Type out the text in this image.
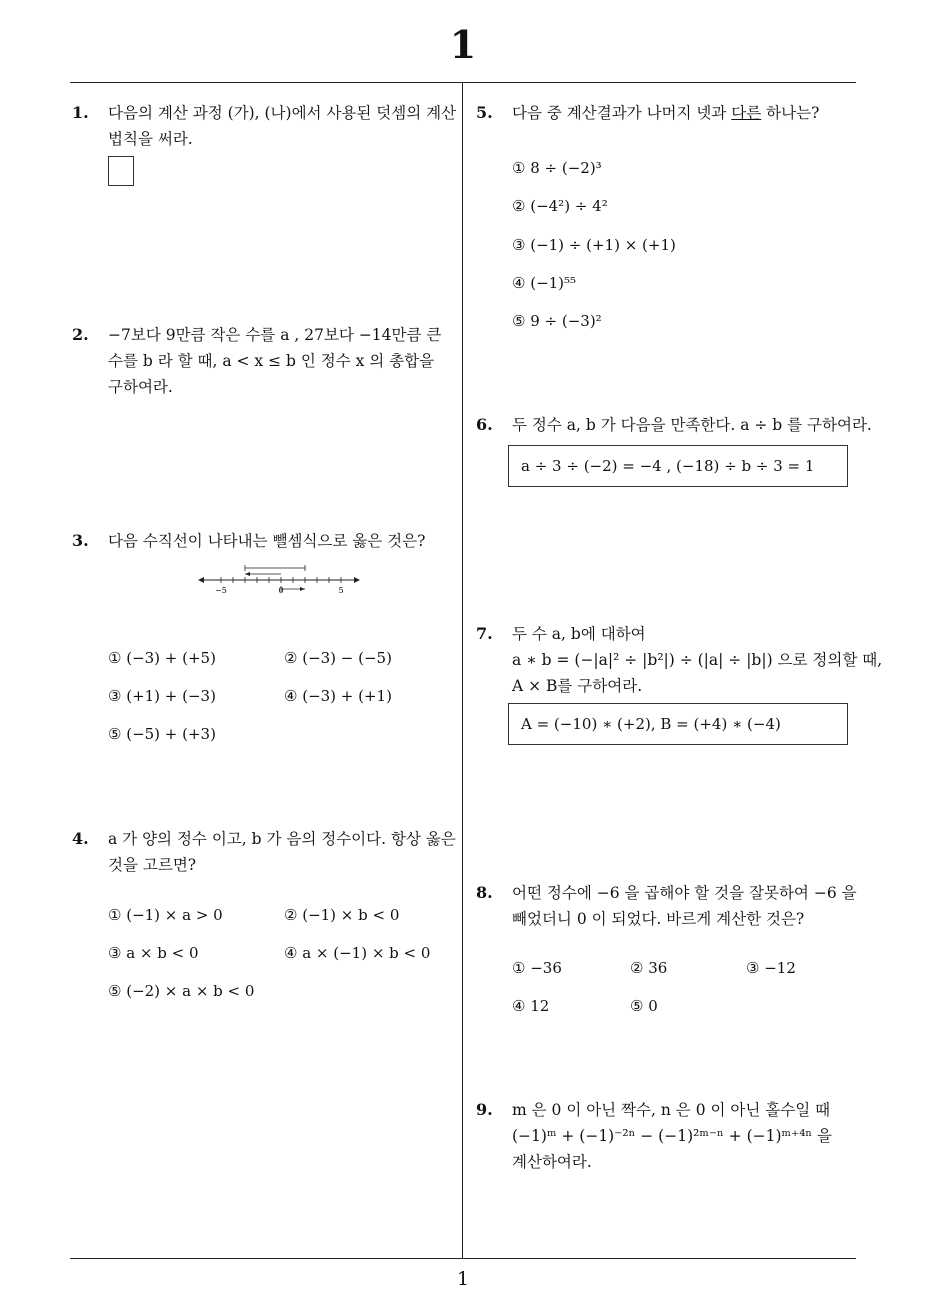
1
1
1. 다음의 계산 과정 (가), (나)에서 사용된 덧셈의 계산
법칙을 써라.
2. −7보다 9만큼 작은 수를 a , 27보다 −14만큼 큰
수를 b 라 할 때, a < x ≤ b 인 정수 x 의 총합을
구하여라.
3. 다음 수직선이 나타내는 뺄셈식으로 옳은 것은?
−5	0	5
① (−3) + (+5)	② (−3) − (−5)
③ (+1) + (−3)	④ (−3) + (+1)
⑤ (−5) + (+3)
4. a 가 양의 정수 이고, b 가 음의 정수이다. 항상 옳은
것을 고르면?
① (−1) × a > 0	② (−1) × b < 0
③ a × b < 0	④ a × (−1) × b < 0
⑤ (−2) × a × b < 0
5. 다음 중 계산결과가 나머지 넷과 다른 하나는?
① 8 ÷ (−2)³
② (−4²) ÷ 4²
③ (−1) ÷ (+1) × (+1)
④ (−1)⁵⁵
⑤ 9 ÷ (−3)²
6. 두 정수 a, b 가 다음을 만족한다. a ÷ b 를 구하여라.
a ÷ 3 ÷ (−2) = −4 , (−18) ÷ b ÷ 3 = 1
7. 두 수 a, b에 대하여
a ∗ b = (−|a|² ÷ |b²|) ÷ (|a| ÷ |b|) 으로 정의할 때,
A × B를 구하여라.
A = (−10) ∗ (+2), B = (+4) ∗ (−4)
8. 어떤 정수에 −6 을 곱해야 할 것을 잘못하여 −6 을
빼었더니 0 이 되었다. 바르게 계산한 것은?
① −36	② 36	③ −12
④ 12	⑤ 0
9. m 은 0 이 아닌 짝수, n 은 0 이 아닌 홀수일 때
(−1)ᵐ + (−1)⁻²ⁿ − (−1)²ᵐ⁻ⁿ + (−1)ᵐ⁺⁴ⁿ 을
계산하여라.
